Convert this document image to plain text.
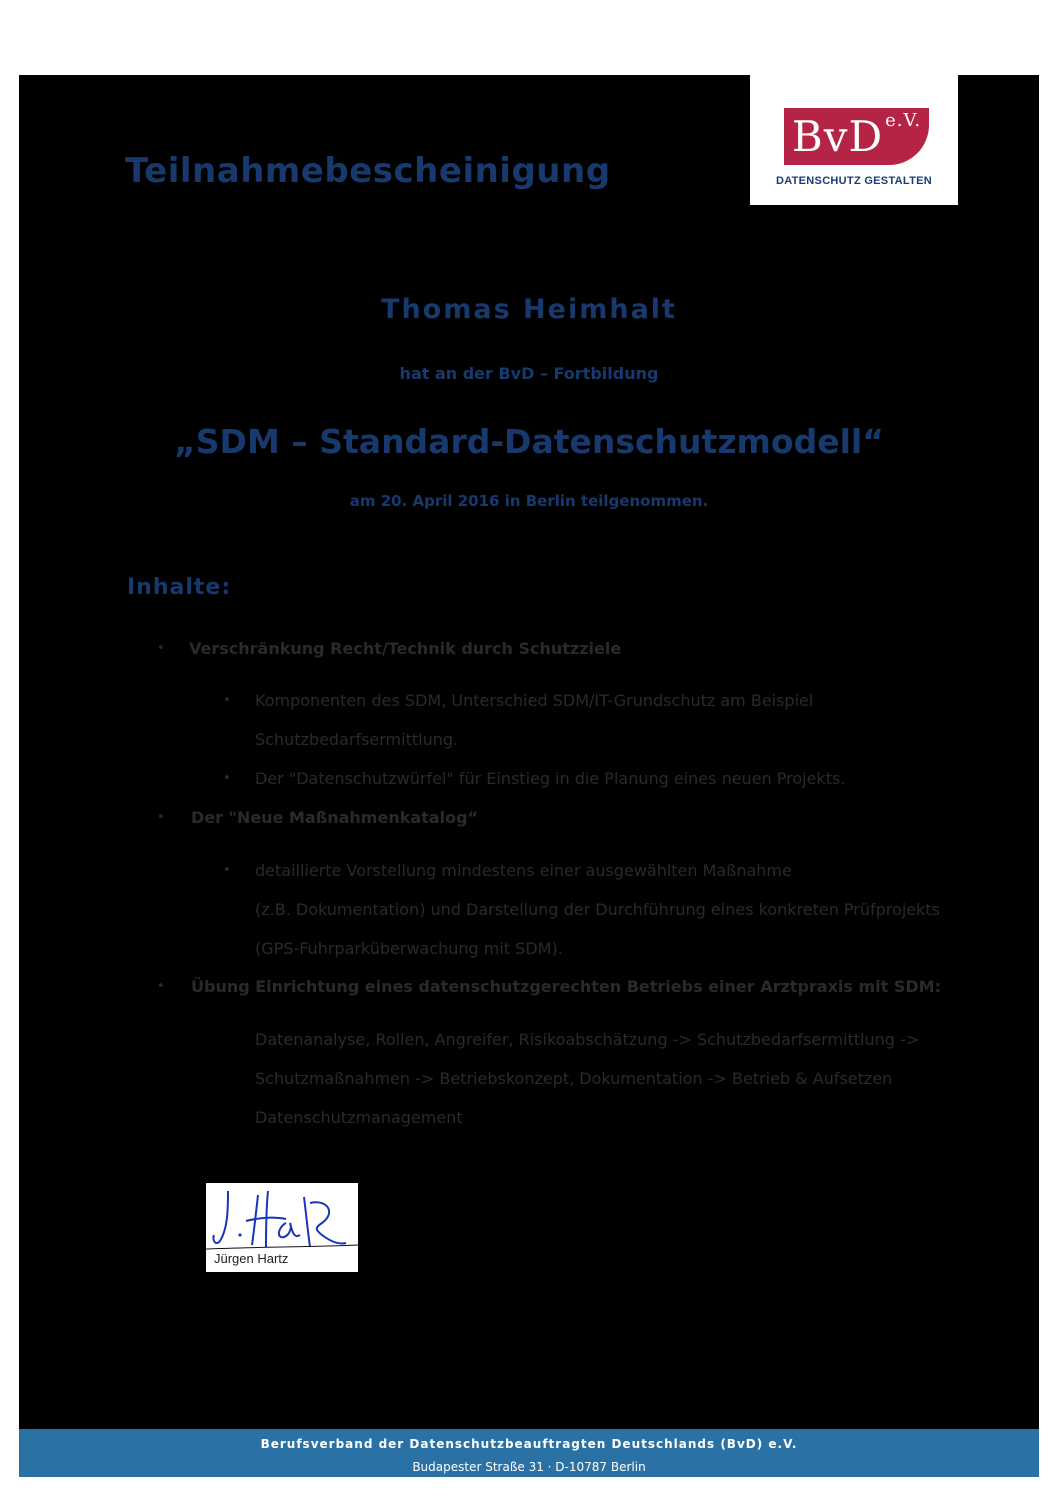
BvD $^{e.V.}$
DATENSCHUTZ GESTALTEN
Teilnahmebescheinigung
Thomas Heimhalt
hat an der BvD – Fortbildung
„SDM – Standard-Datenschutzmodell“
am 20. April 2016 in Berlin teilgenommen.
Inhalte:
• Verschränkung Recht/Technik durch Schutzziele
• Komponenten des SDM, Unterschied SDM/IT-Grundschutz am Beispiel
Schutzbedarfsermittlung.
• Der "Datenschutzwürfel" für Einstieg in die Planung eines neuen Projekts.
• Der "Neue Maßnahmenkatalog“
• detaillierte Vorstellung mindestens einer ausgewählten Maßnahme
(z.B. Dokumentation) und Darstellung der Durchführung eines konkreten Prüfprojekts
(GPS-Fuhrparküberwachung mit SDM).
• Übung Einrichtung eines datenschutzgerechten Betriebs einer Arztpraxis mit SDM:
Datenanalyse, Rollen, Angreifer, Risikoabschätzung -> Schutzbedarfsermittlung ->
Schutzmaßnahmen -> Betriebskonzept, Dokumentation -> Betrieb & Aufsetzen
Datenschutzmanagement
Jürgen Hartz
Berufsverband der Datenschutzbeauftragten Deutschlands (BvD) e.V.
Budapester Straße 31 · D-10787 Berlin
